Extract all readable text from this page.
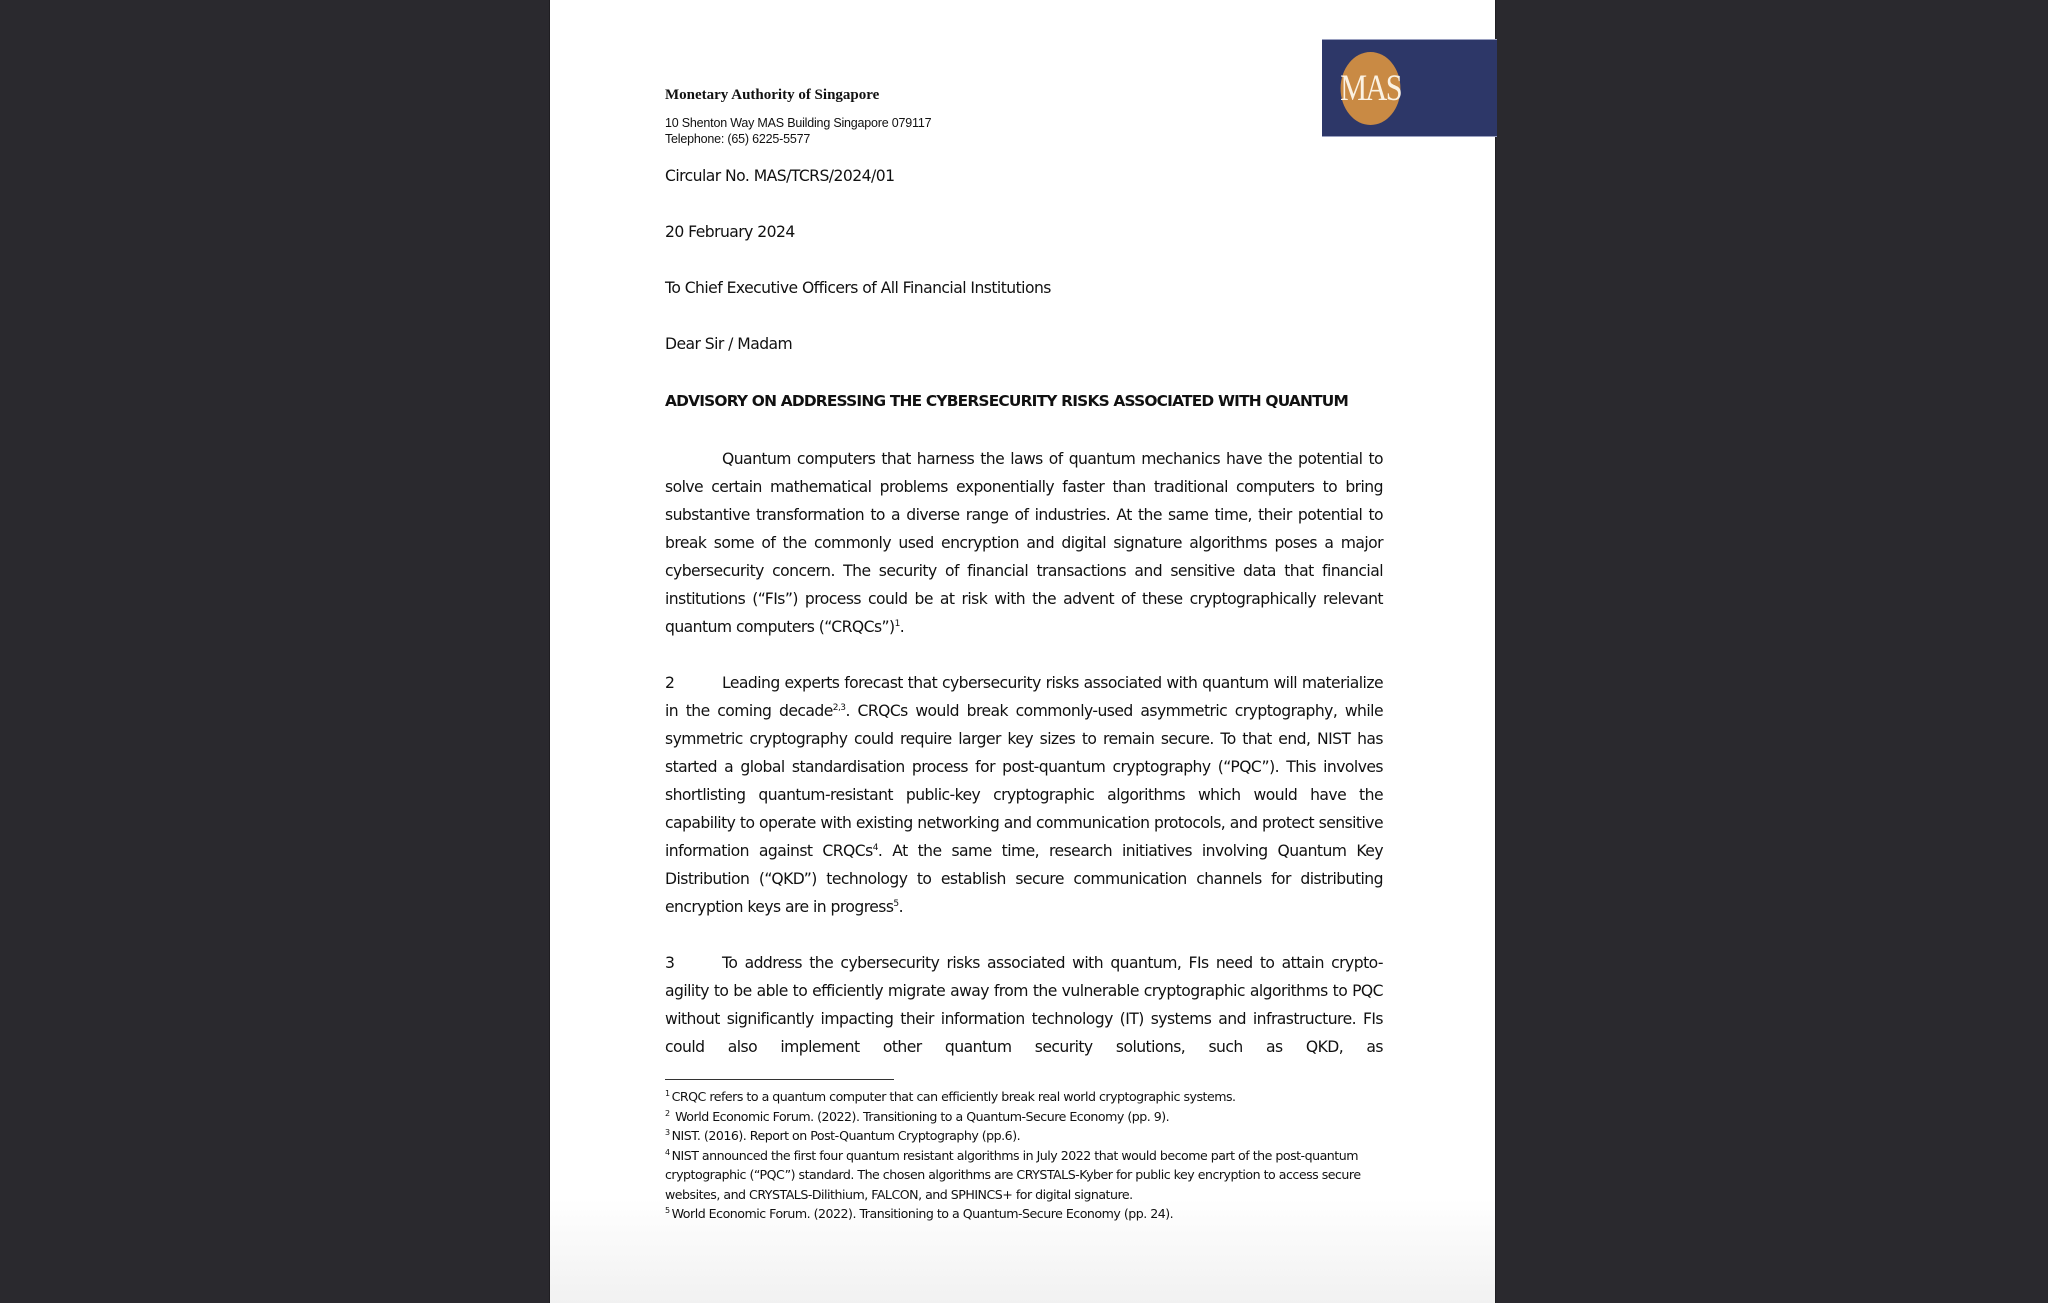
MAS

Monetary Authority of Singapore

10 Shenton Way MAS Building Singapore 079117
Telephone: (65) 6225-5577
Circular No. MAS/TCRS/2024/01
20 February 2024
To Chief Executive Officers of All Financial Institutions
Dear Sir / Madam
ADVISORY ON ADDRESSING THE CYBERSECURITY RISKS ASSOCIATED WITH QUANTUM

Quantum computers that harness the laws of quantum mechanics have the potential to solve certain mathematical problems exponentially faster than traditional computers to bring substantive transformation to a diverse range of industries. At the same time, their potential to break some of the commonly used encryption and digital signature algorithms poses a major cybersecurity concern. The security of financial transactions and sensitive data that financial institutions (“FIs”) process could be at risk with the advent of these cryptographically relevant quantum computers (“CRQCs”)$^1$.

2	Leading experts forecast that cybersecurity risks associated with quantum will materialize in the coming decade$^{2,3}$. CRQCs would break commonly-used asymmetric cryptography, while symmetric cryptography could require larger key sizes to remain secure. To that end, NIST has started a global standardisation process for post-quantum cryptography (“PQC”). This involves shortlisting quantum-resistant public-key cryptographic algorithms which would have the capability to operate with existing networking and communication protocols, and protect sensitive information against CRQCs$^4$. At the same time, research initiatives involving Quantum Key Distribution (“QKD”) technology to establish secure communication channels for distributing encryption keys are in progress$^5$.

3	To address the cybersecurity risks associated with quantum, FIs need to attain crypto-agility to be able to efficiently migrate away from the vulnerable cryptographic algorithms to PQC without significantly impacting their information technology (IT) systems and infrastructure. FIs could also implement other quantum security solutions, such as QKD, as

$^1$ CRQC refers to a quantum computer that can efficiently break real world cryptographic systems.

$^2$ World Economic Forum. (2022). Transitioning to a Quantum-Secure Economy (pp. 9).

$^3$ NIST. (2016). Report on Post-Quantum Cryptography (pp.6).

$^4$ NIST announced the first four quantum resistant algorithms in July 2022 that would become part of the post-quantum cryptographic (“PQC”) standard. The chosen algorithms are CRYSTALS-Kyber for public key encryption to access secure websites, and CRYSTALS-Dilithium, FALCON, and SPHINCS+ for digital signature.

$^5$ World Economic Forum. (2022). Transitioning to a Quantum-Secure Economy (pp. 24).
